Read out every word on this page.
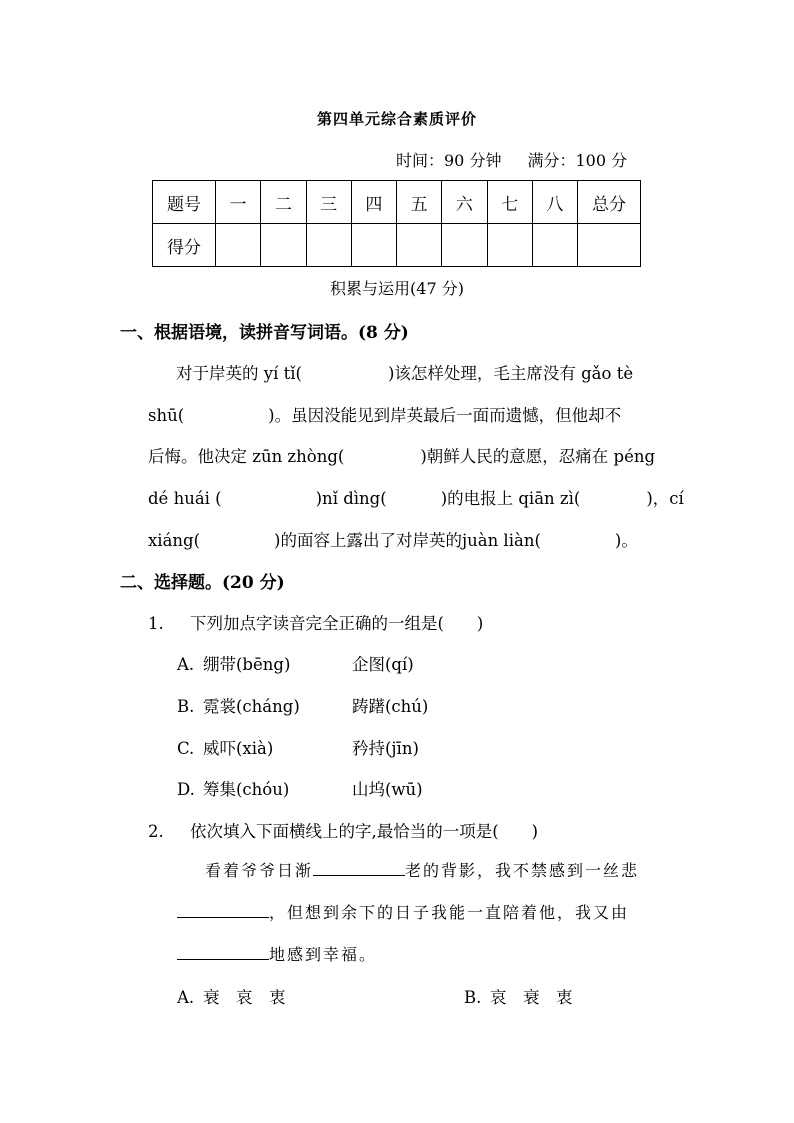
第四单元综合素质评价
时间：90 分钟 满分：100 分
题号	一	二	三	四	五	六	七	八	总分
得分									
积累与运用(47 分)
一、根据语境，读拼音写词语。(8 分)
对于岸英的 yí tǐ(	)该怎样处理，毛主席没有 gǎo tè
shū(	)。虽因没能见到岸英最后一面而遗憾，但他却不
后悔。他决定 zūn zhòng(	)朝鲜人民的意愿，忍痛在 péng
dé huái (	)nǐ dìng(	)的电报上 qiān zì(	)，cí
xiáng(	)的面容上露出了对岸英的juàn liàn(	)。
二、选择题。(20 分)
1. 下列加点字读音完全正确的一组是(　　)
A. 绷带(bēng)	企图(qí)
B. 霓裳(cháng)	踌躇(chú)
C. 威吓(xià)	矜持(jīn)
D. 筹集(chóu)	山坞(wū)
2. 依次填入下面横线上的字,最恰当的一项是(　　)
看着爷爷日渐	老的背影，我不禁感到一丝悲
，但想到余下的日子我能一直陪着他，我又由
地感到幸福。
A. 衰　哀　衷	B. 哀　衰　衷
